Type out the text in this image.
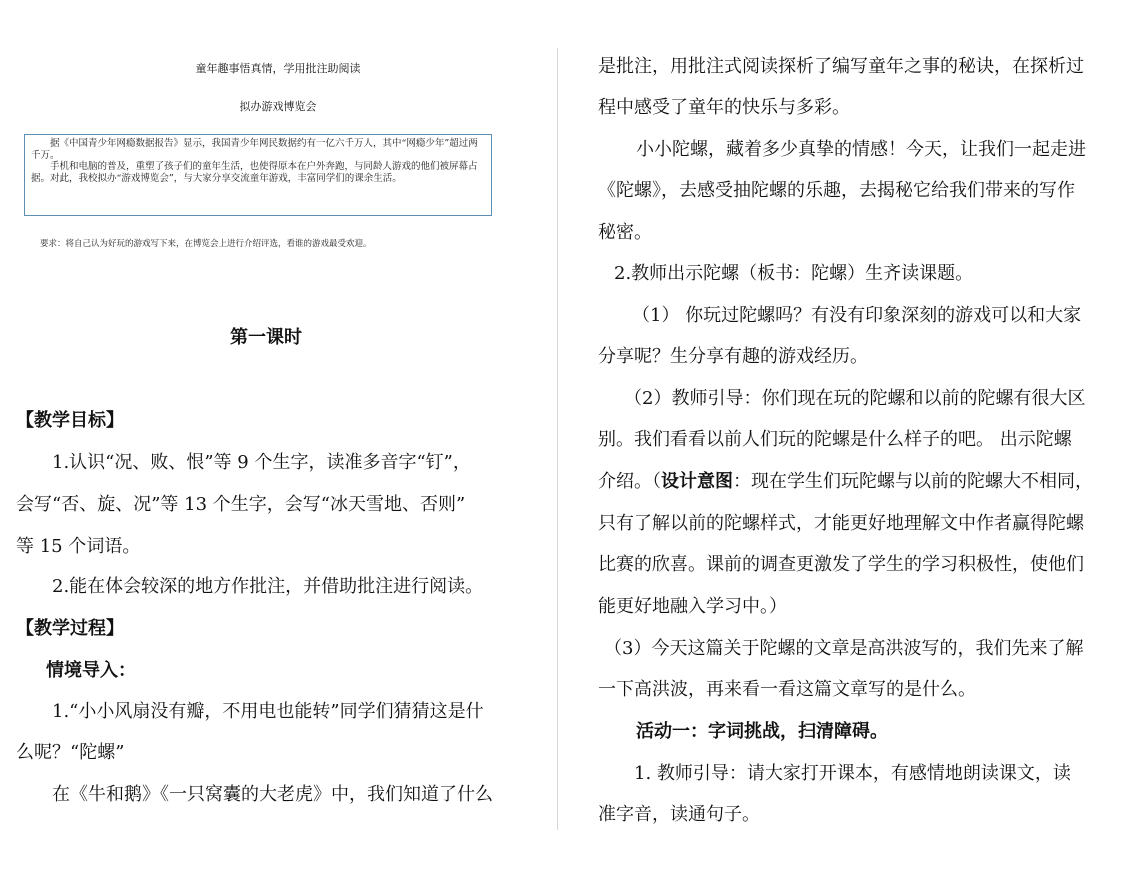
童年趣事悟真情，学用批注助阅读
拟办游戏博览会

据《中国青少年网瘾数据报告》显示，我国青少年网民数据约有一亿六千万人，其中“网瘾少年”超过两千万。

手机和电脑的普及，重塑了孩子们的童年生活，也使得原本在户外奔跑，与同龄人游戏的他们被屏幕占据。对此，我校拟办“游戏博览会”，与大家分享交流童年游戏，丰富同学们的课余生活。

要求：将自己认为好玩的游戏写下来，在博览会上进行介绍评选，看谁的游戏最受欢迎。
第一课时
【教学目标】
1.认识“况、败、恨”等 9 个生字，读准多音字“钉”，
会写“否、旋、况”等 13 个生字，会写“冰天雪地、否则”
等 15 个词语。
2.能在体会较深的地方作批注，并借助批注进行阅读。
【教学过程】
情境导入：
1.“小小风扇没有瓣，不用电也能转”同学们猜猜这是什
么呢？“陀螺”
在《牛和鹅》《一只窝囊的大老虎》中，我们知道了什么
是批注，用批注式阅读探析了编写童年之事的秘诀，在探析过
程中感受了童年的快乐与多彩。
小小陀螺，藏着多少真挚的情感！今天，让我们一起走进
《陀螺》，去感受抽陀螺的乐趣，去揭秘它给我们带来的写作
秘密。
2.教师出示陀螺（板书：陀螺）生齐读课题。
（1） 你玩过陀螺吗？有没有印象深刻的游戏可以和大家
分享呢？生分享有趣的游戏经历。
（2）教师引导：你们现在玩的陀螺和以前的陀螺有很大区
别。我们看看以前人们玩的陀螺是什么样子的吧。 出示陀螺
介绍。（设计意图：现在学生们玩陀螺与以前的陀螺大不相同，
只有了解以前的陀螺样式，才能更好地理解文中作者赢得陀螺
比赛的欣喜。课前的调查更激发了学生的学习积极性，使他们
能更好地融入学习中。）
（3）今天这篇关于陀螺的文章是高洪波写的，我们先来了解
一下高洪波，再来看一看这篇文章写的是什么。
活动一：字词挑战，扫清障碍。
1. 教师引导：请大家打开课本，有感情地朗读课文，读
准字音，读通句子。
